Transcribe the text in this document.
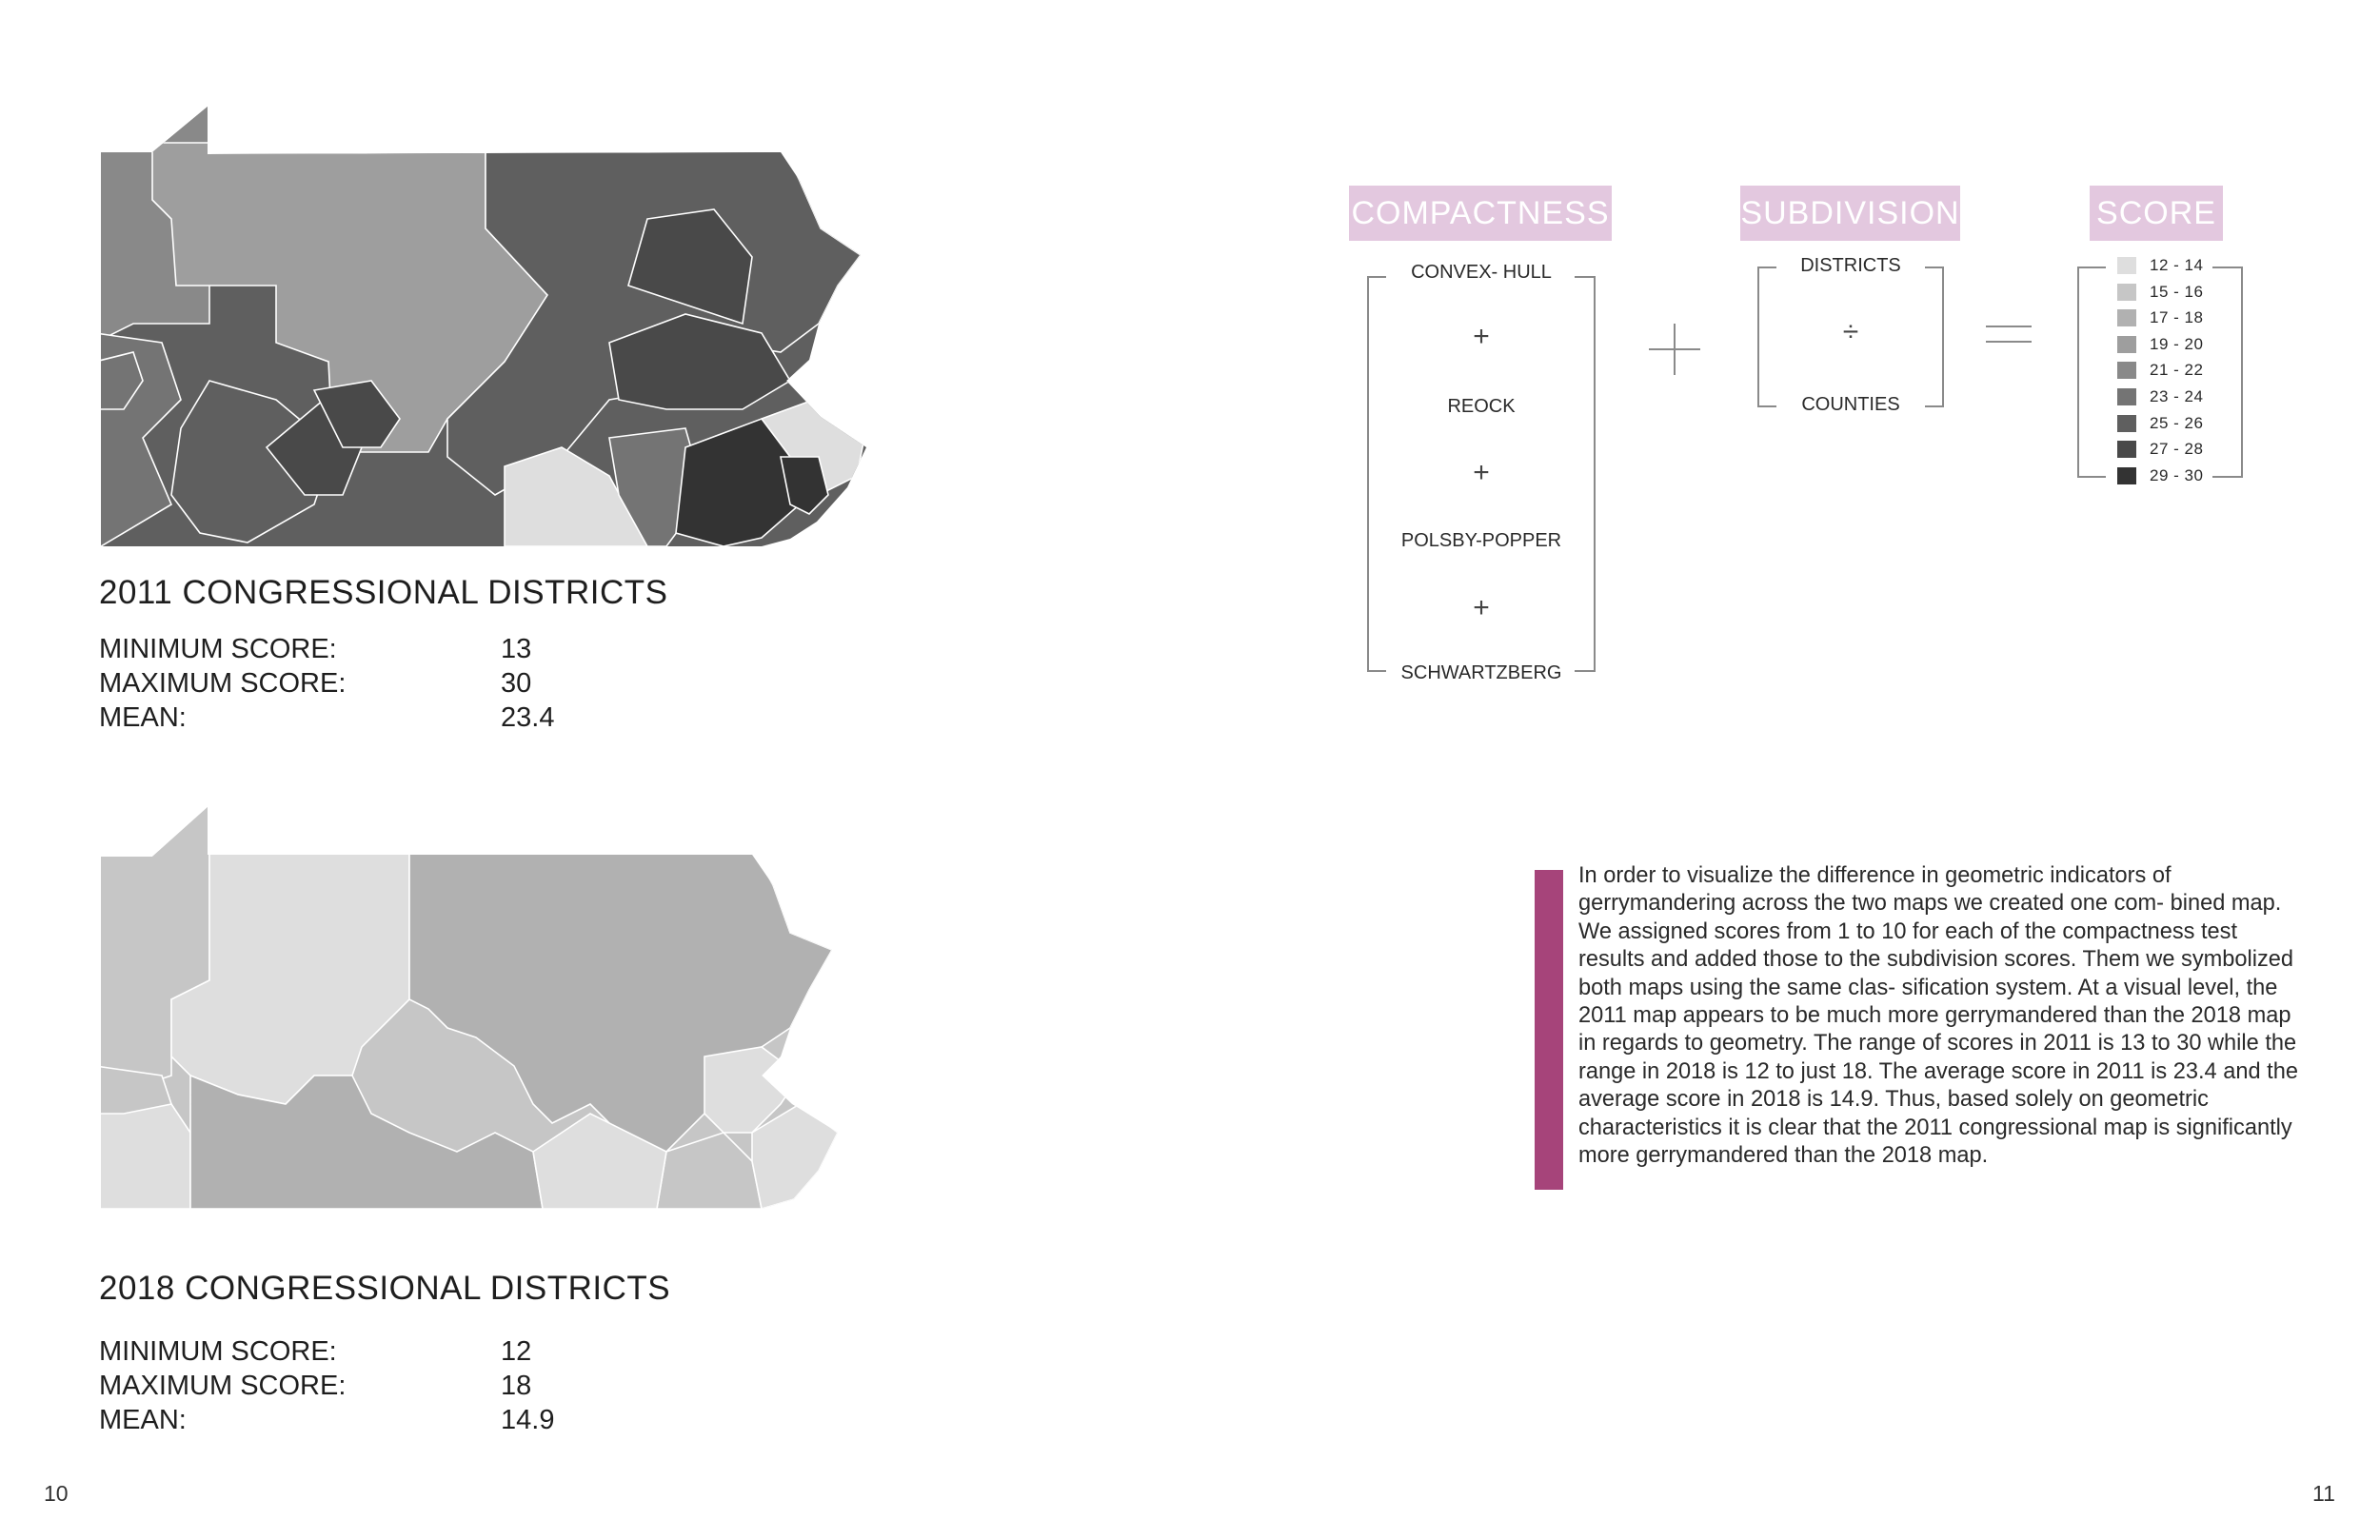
2011 CONGRESSIONAL DISTRICTS
MINIMUM SCORE:	13
MAXIMUM SCORE:	30
MEAN:	23.4
2018 CONGRESSIONAL DISTRICTS
MINIMUM SCORE:	12
MAXIMUM SCORE:	18
MEAN:	14.9
10	11
COMPACTNESS	SUBDIVISION	SCORE
CONVEX- HULL
+
REOCK
+
POLSBY-POPPER
+
SCHWARTZBERG
DISTRICTS
÷
COUNTIES
12 - 14
15 - 16
17 - 18
19 - 20
21 - 22
23 - 24
25 - 26
27 - 28
29 - 30
In order to visualize the difference in geometric indicators of gerrymandering across the two maps we created one com- bined map. We assigned scores from 1 to 10 for each of the compactness test results and added those to the subdivision scores. Them we symbolized both maps using the same clas- sification system. At a visual level, the 2011 map appears to be much more gerrymandered than the 2018 map in regards to geometry. The range of scores in 2011 is 13 to 30 while the range in 2018 is 12 to just 18. The average score in 2011 is 23.4 and the average score in 2018 is 14.9. Thus, based solely on geometric characteristics it is clear that the 2011 congressional map is significantly more gerrymandered than the 2018 map.
